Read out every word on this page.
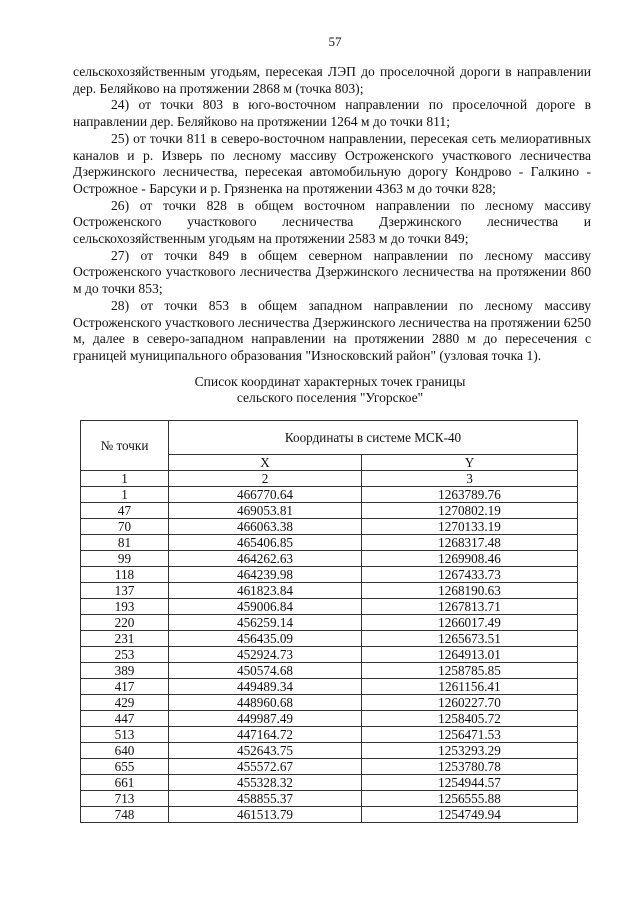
57

сельскохозяйственным угодьям, пересекая ЛЭП до проселочной дороги в направлении дер. Беляйково на протяжении 2868 м (точка 803);

24) от точки 803 в юго-восточном направлении по проселочной дороге в направлении дер. Беляйково на протяжении 1264 м до точки 811;

25) от точки 811 в северо-восточном направлении, пересекая сеть мелиоративных каналов и р. Изверь по лесному массиву Остроженского участкового лесничества Дзержинского лесничества, пересекая автомобильную дорогу Кондрово - Галкино - Острожное - Барсуки и р. Грязненка на протяжении 4363 м до точки 828;

26) от точки 828 в общем восточном направлении по лесному массиву Остроженского участкового лесничества Дзержинского лесничества и сельскохозяйственным угодьям на протяжении 2583 м до точки 849;

27) от точки 849 в общем северном направлении по лесному массиву Остроженского участкового лесничества Дзержинского лесничества на протяжении 860 м до точки 853;

28) от точки 853 в общем западном направлении по лесному массиву Остроженского участкового лесничества Дзержинского лесничества на протяжении 6250 м, далее в северо-западном направлении на протяжении 2880 м до пересечения с границей муниципального образования "Износковский район" (узловая точка 1).

Список координат характерных точек границы
сельского поселения "Угорское"
№ точки	Координаты в системе МСК-40	
	X	Y
1	2	3
1	466770.64	1263789.76
47	469053.81	1270802.19
70	466063.38	1270133.19
81	465406.85	1268317.48
99	464262.63	1269908.46
118	464239.98	1267433.73
137	461823.84	1268190.63
193	459006.84	1267813.71
220	456259.14	1266017.49
231	456435.09	1265673.51
253	452924.73	1264913.01
389	450574.68	1258785.85
417	449489.34	1261156.41
429	448960.68	1260227.70
447	449987.49	1258405.72
513	447164.72	1256471.53
640	452643.75	1253293.29
655	455572.67	1253780.78
661	455328.32	1254944.57
713	458855.37	1256555.88
748	461513.79	1254749.94
